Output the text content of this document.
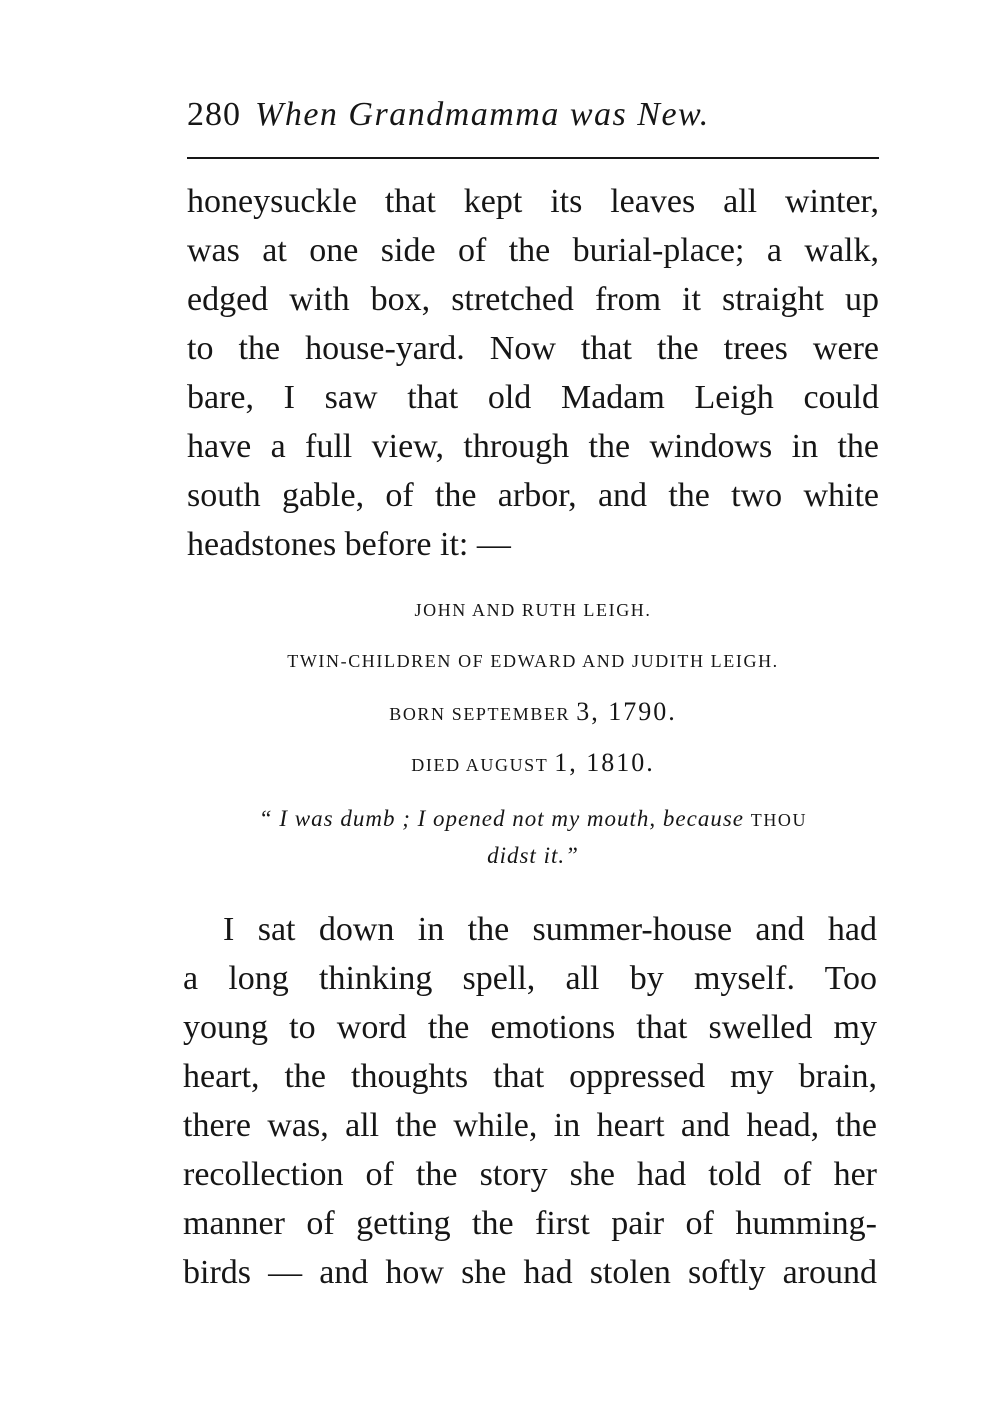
280 When Grandmamma was New.
honeysuckle that kept its leaves all winter,
was at one side of the burial-place; a walk,
edged with box, stretched from it straight up
to the house-yard. Now that the trees were
bare, I saw that old Madam Leigh could
have a full view, through the windows in the
south gable, of the arbor, and the two white
headstones before it: —
JOHN AND RUTH LEIGH.
TWIN-CHILDREN OF EDWARD AND JUDITH LEIGH.
BORN SEPTEMBER 3, 1790.
DIED AUGUST 1, 1810.
“ I was dumb ; I opened not my mouth, because THOU
didst it.”
I sat down in the summer-house and had
a long thinking spell, all by myself. Too
young to word the emotions that swelled my
heart, the thoughts that oppressed my brain,
there was, all the while, in heart and head, the
recollection of the story she had told of her
manner of getting the first pair of humming-
birds — and how she had stolen softly around
